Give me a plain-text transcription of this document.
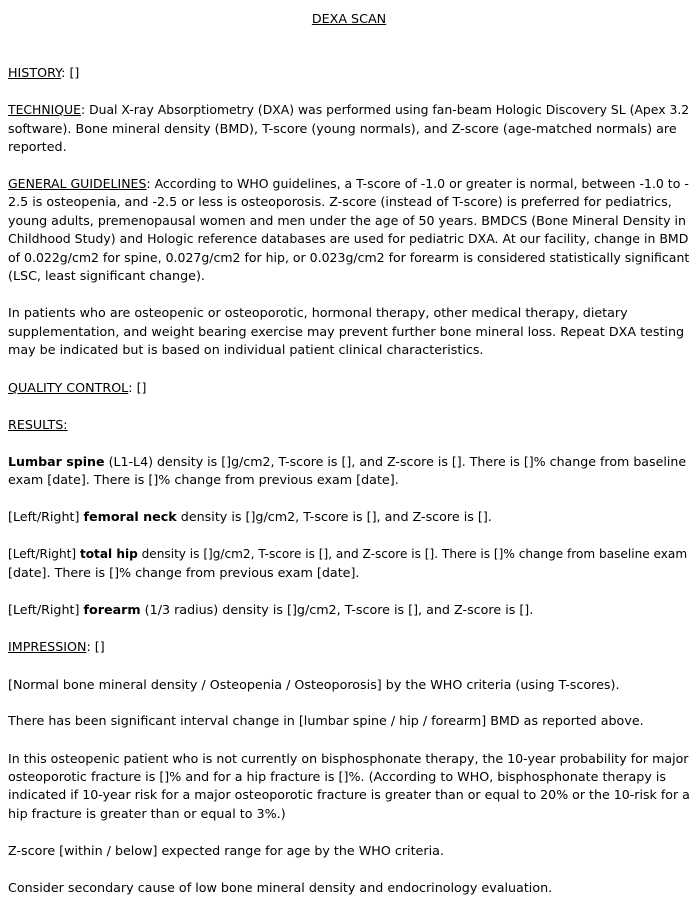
DEXA SCAN
HISTORY: []
TECHNIQUE: Dual X-ray Absorptiometry (DXA) was performed using fan-beam Hologic Discovery SL (Apex 3.2
software). Bone mineral density (BMD), T-score (young normals), and Z-score (age-matched normals) are
reported.
GENERAL GUIDELINES: According to WHO guidelines, a T-score of -1.0 or greater is normal, between -1.0 to -
2.5 is osteopenia, and -2.5 or less is osteoporosis. Z-score (instead of T-score) is preferred for pediatrics,
young adults, premenopausal women and men under the age of 50 years. BMDCS (Bone Mineral Density in
Childhood Study) and Hologic reference databases are used for pediatric DXA. At our facility, change in BMD
of 0.022g/cm2 for spine, 0.027g/cm2 for hip, or 0.023g/cm2 for forearm is considered statistically significant
(LSC, least significant change).
In patients who are osteopenic or osteoporotic, hormonal therapy, other medical therapy, dietary
supplementation, and weight bearing exercise may prevent further bone mineral loss. Repeat DXA testing
may be indicated but is based on individual patient clinical characteristics.
QUALITY CONTROL: []
RESULTS:
Lumbar spine (L1-L4) density is []g/cm2, T-score is [], and Z-score is []. There is []% change from baseline
exam [date]. There is []% change from previous exam [date].
[Left/Right] femoral neck density is []g/cm2, T-score is [], and Z-score is [].
[Left/Right] total hip density is []g/cm2, T-score is [], and Z-score is []. There is []% change from baseline exam
[date]. There is []% change from previous exam [date].
[Left/Right] forearm (1/3 radius) density is []g/cm2, T-score is [], and Z-score is [].
IMPRESSION: []
[Normal bone mineral density / Osteopenia / Osteoporosis] by the WHO criteria (using T-scores).
There has been significant interval change in [lumbar spine / hip / forearm] BMD as reported above.
In this osteopenic patient who is not currently on bisphosphonate therapy, the 10-year probability for major
osteoporotic fracture is []% and for a hip fracture is []%. (According to WHO, bisphosphonate therapy is
indicated if 10-year risk for a major osteoporotic fracture is greater than or equal to 20% or the 10-risk for a
hip fracture is greater than or equal to 3%.)
Z-score [within / below] expected range for age by the WHO criteria.
Consider secondary cause of low bone mineral density and endocrinology evaluation.
